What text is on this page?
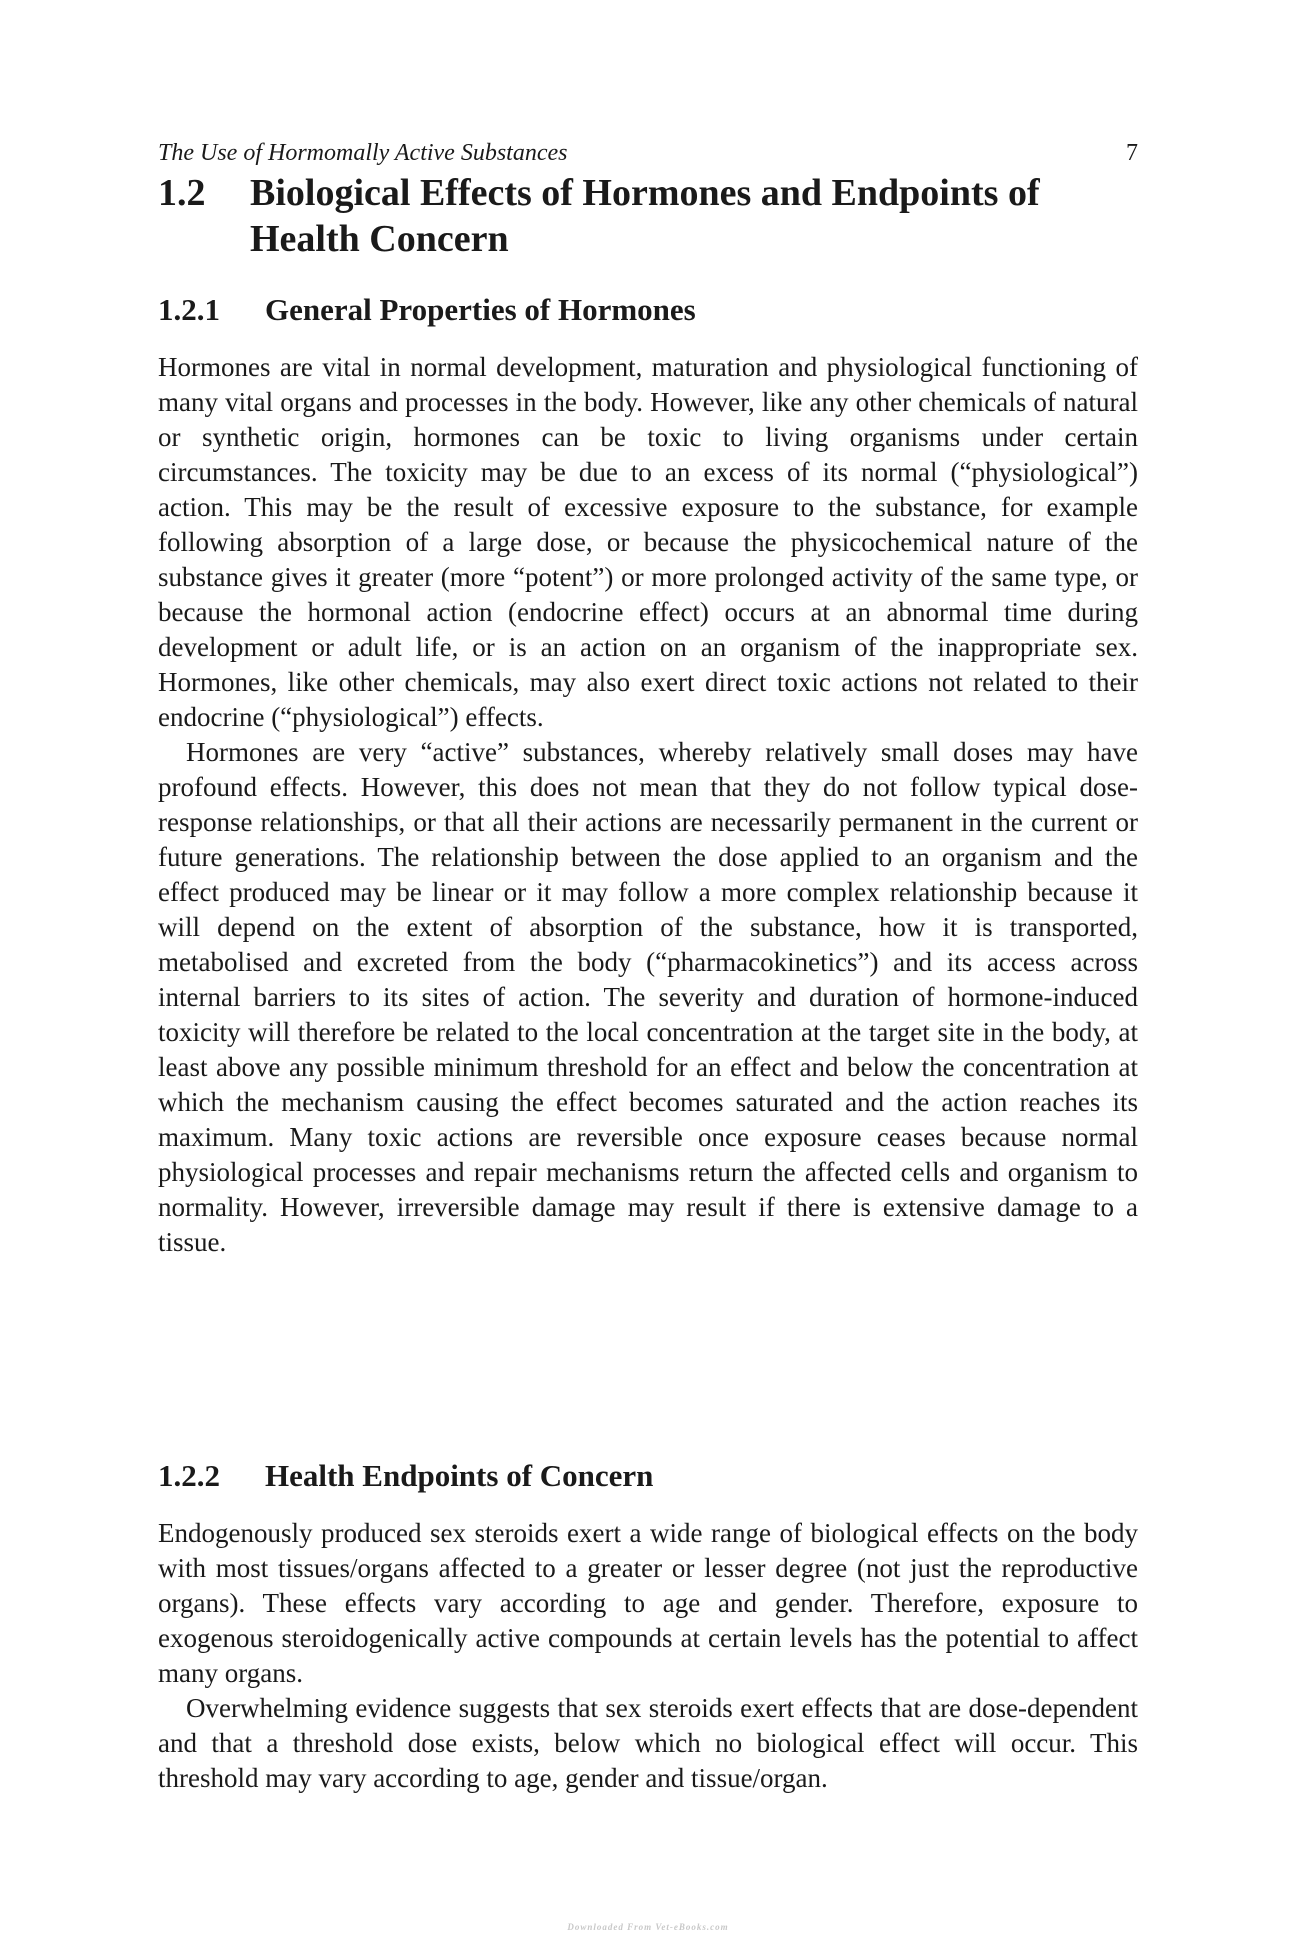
The Use of Hormomally Active Substances	7
1.2 Biological Effects of Hormones and Endpoints of Health Concern
1.2.1 General Properties of Hormones

Hormones are vital in normal development, maturation and physiological functioning of many vital organs and processes in the body. However, like any other chemicals of natural or synthetic origin, hormones can be toxic to living organisms under certain circumstances. The toxicity may be due to an excess of its normal (“physiological”) action. This may be the result of excessive exposure to the substance, for example following absorption of a large dose, or because the physicochemical nature of the substance gives it greater (more “potent”) or more prolonged activity of the same type, or because the hormonal action (endocrine effect) occurs at an abnormal time during development or adult life, or is an action on an organism of the inappropriate sex. Hormones, like other chemicals, may also exert direct toxic actions not related to their endocrine (“physiological”) effects.

Hormones are very “active” substances, whereby relatively small doses may have profound effects. However, this does not mean that they do not follow typical dose-response relationships, or that all their actions are necessarily permanent in the current or future generations. The relationship between the dose applied to an organism and the effect produced may be linear or it may follow a more complex relationship because it will depend on the extent of absorption of the substance, how it is transported, metabolised and excreted from the body (“pharmacokinetics”) and its access across internal barriers to its sites of action. The severity and duration of hormone-induced toxicity will therefore be related to the local concentration at the target site in the body, at least above any possible minimum threshold for an effect and below the concentration at which the mechanism causing the effect becomes saturated and the action reaches its maximum. Many toxic actions are reversible once exposure ceases because normal physiological processes and repair mechanisms return the affected cells and organism to normality. However, irreversible damage may result if there is extensive damage to a tissue.

1.2.2 Health Endpoints of Concern

Endogenously produced sex steroids exert a wide range of biological effects on the body with most tissues/organs affected to a greater or lesser degree (not just the reproductive organs). These effects vary according to age and gender. Therefore, exposure to exogenous steroidogenically active compounds at certain levels has the potential to affect many organs.

Overwhelming evidence suggests that sex steroids exert effects that are dose-dependent and that a threshold dose exists, below which no biological effect will occur. This threshold may vary according to age, gender and tissue/organ.

Downloaded From Vet-eBooks.com
